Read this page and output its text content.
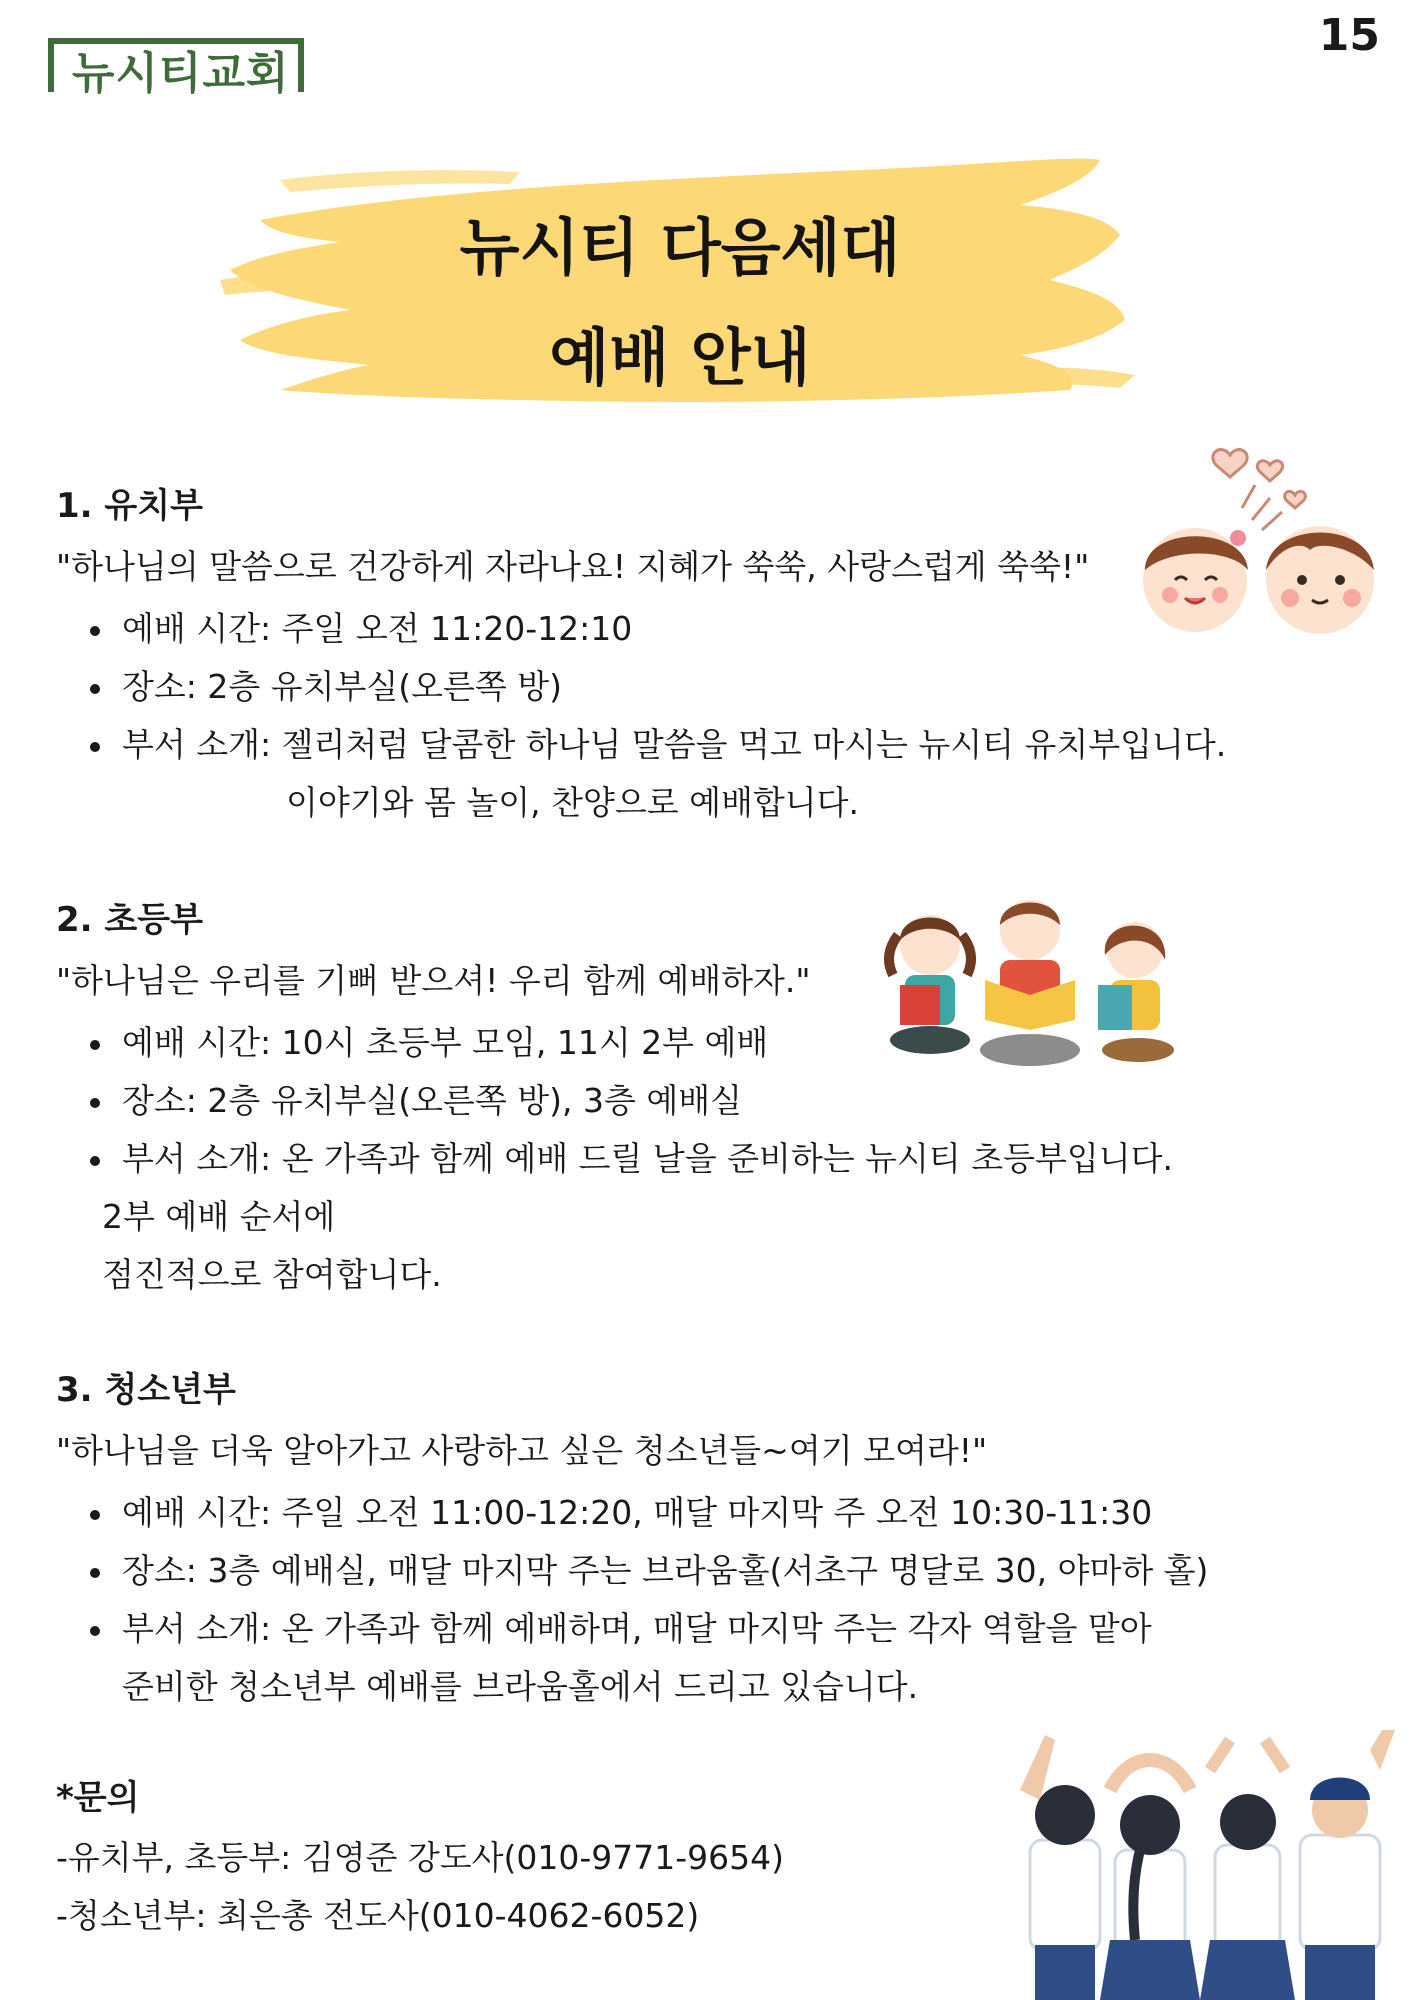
15
뉴시티교회
뉴시티 다음세대
예배 안내
1. 유치부
"하나님의 말씀으로 건강하게 자라나요! 지혜가 쑥쑥, 사랑스럽게 쑥쑥!"
예배 시간: 주일 오전 11:20-12:10
장소: 2층 유치부실(오른쪽 방)
부서 소개: 젤리처럼 달콤한 하나님 말씀을 먹고 마시는 뉴시티 유치부입니다.
이야기와 몸 놀이, 찬양으로 예배합니다.
2. 초등부
"하나님은 우리를 기뻐 받으셔! 우리 함께 예배하자."
예배 시간: 10시 초등부 모임, 11시 2부 예배
장소: 2층 유치부실(오른쪽 방), 3층 예배실
부서 소개: 온 가족과 함께 예배 드릴 날을 준비하는 뉴시티 초등부입니다.
2부 예배 순서에
점진적으로 참여합니다.
3. 청소년부
"하나님을 더욱 알아가고 사랑하고 싶은 청소년들~여기 모여라!"
예배 시간: 주일 오전 11:00-12:20, 매달 마지막 주 오전 10:30-11:30
장소: 3층 예배실, 매달 마지막 주는 브라움홀(서초구 명달로 30, 야마하 홀)
부서 소개: 온 가족과 함께 예배하며, 매달 마지막 주는 각자 역할을 맡아
준비한 청소년부 예배를 브라움홀에서 드리고 있습니다.
*문의
-유치부, 초등부: 김영준 강도사(010-9771-9654)
-청소년부: 최은총 전도사(010-4062-6052)
